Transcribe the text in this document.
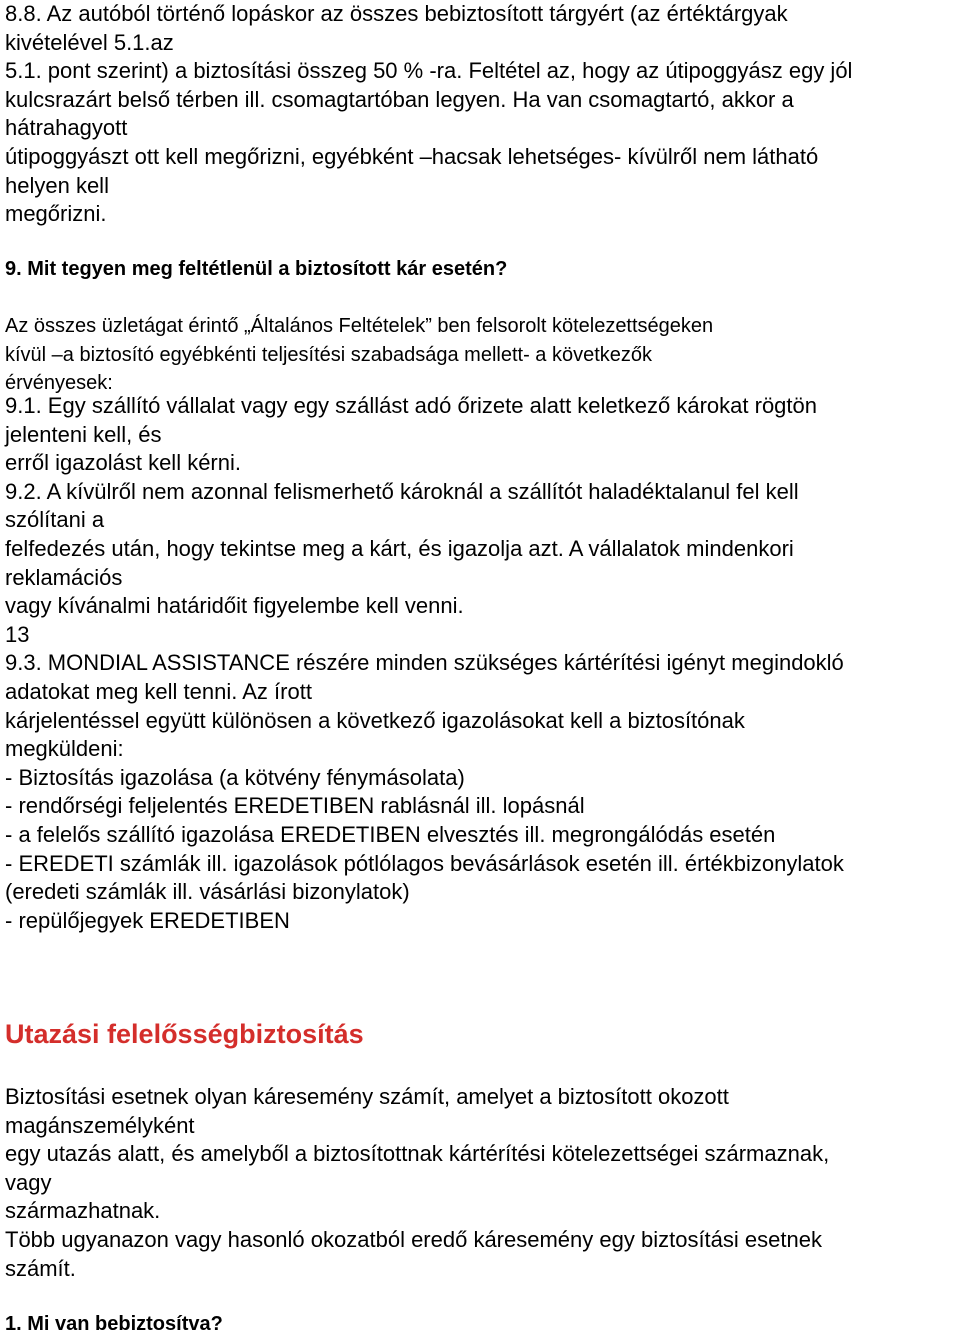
8.8. Az autóból történő lopáskor az összes bebiztosított tárgyért (az értéktárgyak
kivételével 5.1.az
5.1. pont szerint) a biztosítási összeg 50 % -ra. Feltétel az, hogy az útipoggyász egy jól
kulcsrazárt belső térben ill. csomagtartóban legyen. Ha van csomagtartó, akkor a
hátrahagyott
útipoggyászt ott kell megőrizni, egyébként –hacsak lehetséges- kívülről nem látható
helyen kell
megőrizni.
9. Mit tegyen meg feltétlenül a biztosított kár esetén?
Az összes üzletágat érintő „Általános Feltételek” ben felsorolt kötelezettségeken
kívül –a biztosító egyébkénti teljesítési szabadsága mellett- a következők
érvényesek:
9.1. Egy szállító vállalat vagy egy szállást adó őrizete alatt keletkező károkat rögtön
jelenteni kell, és
erről igazolást kell kérni.
9.2. A kívülről nem azonnal felismerhető károknál a szállítót haladéktalanul fel kell
szólítani a
felfedezés után, hogy tekintse meg a kárt, és igazolja azt. A vállalatok mindenkori
reklamációs
vagy kívánalmi határidőit figyelembe kell venni.
13
9.3. MONDIAL ASSISTANCE részére minden szükséges kártérítési igényt megindokló
adatokat meg kell tenni. Az írott
kárjelentéssel együtt különösen a következő igazolásokat kell a biztosítónak
megküldeni:
- Biztosítás igazolása (a kötvény fénymásolata)
- rendőrségi feljelentés EREDETIBEN rablásnál ill. lopásnál
- a felelős szállító igazolása EREDETIBEN elvesztés ill. megrongálódás esetén
- EREDETI számlák ill. igazolások pótlólagos bevásárlások esetén ill. értékbizonylatok
(eredeti számlák ill. vásárlási bizonylatok)
- repülőjegyek EREDETIBEN
Utazási felelősségbiztosítás
Biztosítási esetnek olyan káresemény számít, amelyet a biztosított okozott
magánszemélyként
egy utazás alatt, és amelyből a biztosítottnak kártérítési kötelezettségei származnak,
vagy
származhatnak.
Több ugyanazon vagy hasonló okozatból eredő káresemény egy biztosítási esetnek
számít.
1. Mi van bebiztosítva?
